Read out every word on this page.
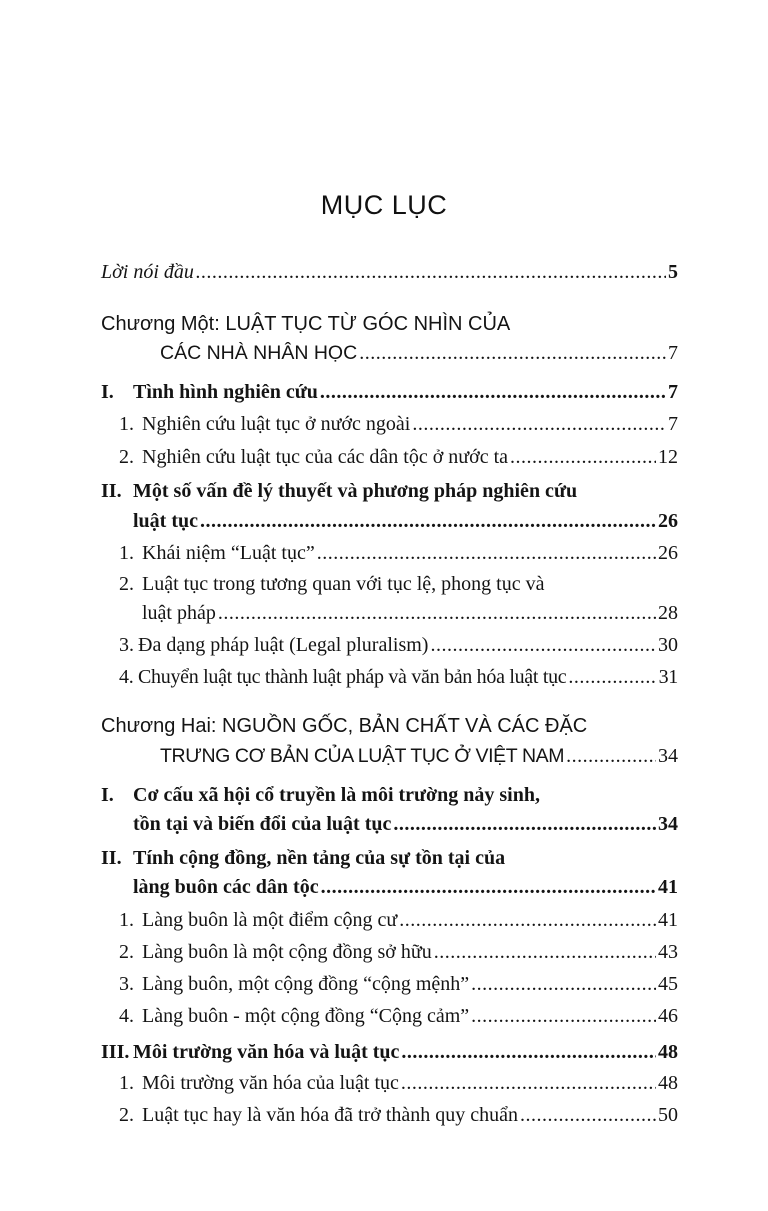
MỤC LỤC
Lời nói đầu .....	5
Chương Một: LUẬT TỤC TỪ GÓC NHÌN CỦA
CÁC NHÀ NHÂN HỌC .....	7
I. Tình hình nghiên cứu .....	7
1. Nghiên cứu luật tục ở nước ngoài .....	7
2. Nghiên cứu luật tục của các dân tộc ở nước ta .....	12
II. Một số vấn đề lý thuyết và phương pháp nghiên cứu
luật tục .....	26
1. Khái niệm “Luật tục” .....	26
2. Luật tục trong tương quan với tục lệ, phong tục và
luật pháp .....	28
3. Đa dạng pháp luật (Legal pluralism) .....	30
4. Chuyển luật tục thành luật pháp và văn bản hóa luật tục .....	31
Chương Hai: NGUỒN GỐC, BẢN CHẤT VÀ CÁC ĐẶC
TRƯNG CƠ BẢN CỦA LUẬT TỤC Ở VIỆT NAM .....	34
I. Cơ cấu xã hội cổ truyền là môi trường nảy sinh,
tồn tại và biến đổi của luật tục .....	34
II. Tính cộng đồng, nền tảng của sự tồn tại của
làng buôn các dân tộc .....	41
1. Làng buôn là một điểm cộng cư .....	41
2. Làng buôn là một cộng đồng sở hữu .....	43
3. Làng buôn, một cộng đồng “cộng mệnh” .....	45
4. Làng buôn - một cộng đồng “Cộng cảm” .....	46
III. Môi trường văn hóa và luật tục .....	48
1. Môi trường văn hóa của luật tục .....	48
2. Luật tục hay là văn hóa đã trở thành quy chuẩn .....	50
